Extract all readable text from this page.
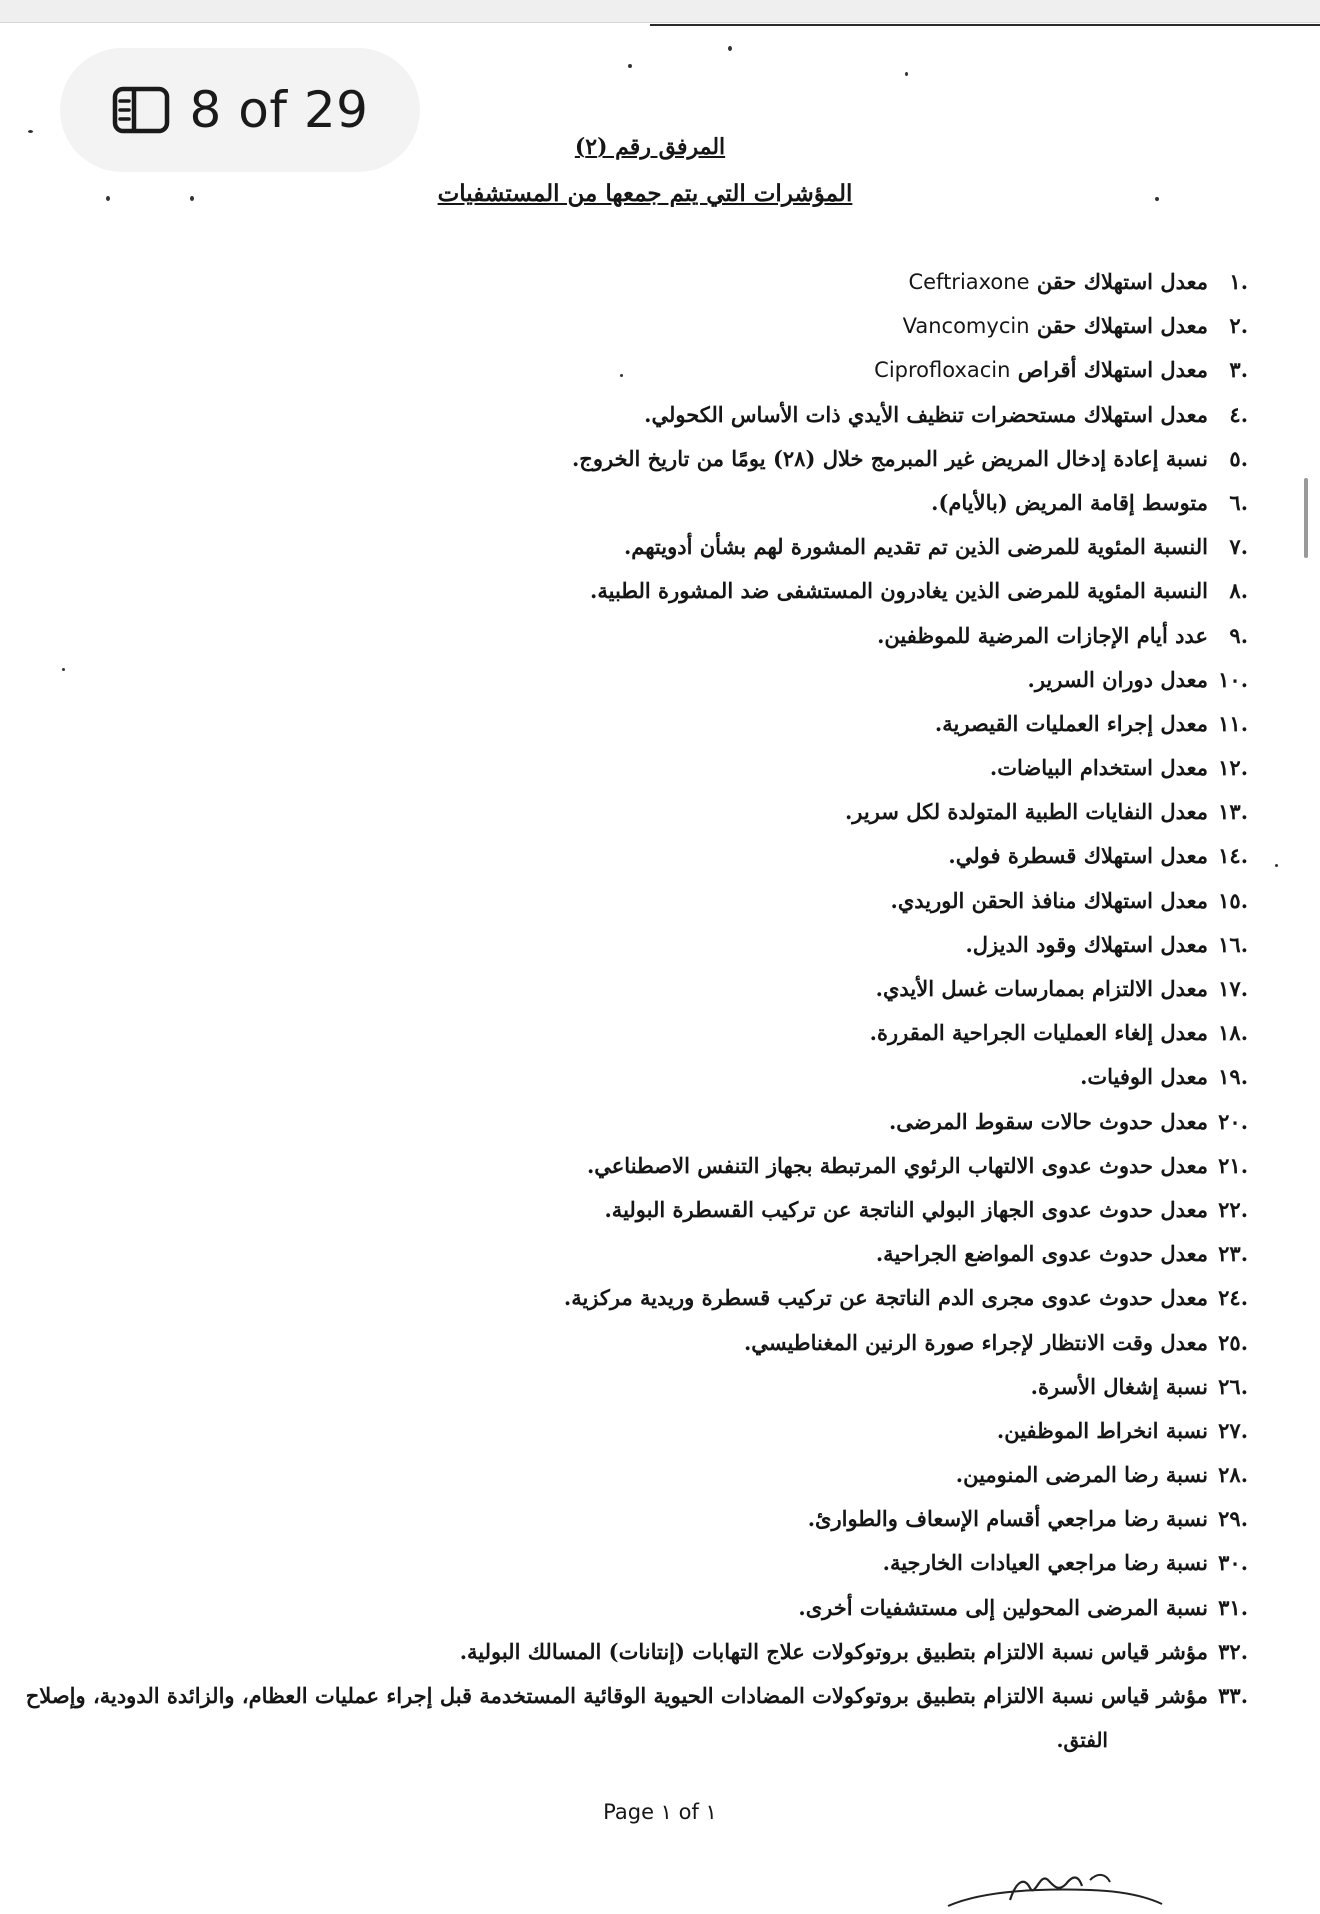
8 of 29
المرفق رقم (٢)
المؤشرات التي يتم جمعها من المستشفيات
.١معدل استهلاك حقن Ceftriaxone
.٢معدل استهلاك حقن Vancomycin
.٣معدل استهلاك أقراص Ciprofloxacin
.٤معدل استهلاك مستحضرات تنظيف الأيدي ذات الأساس الكحولي.
.٥نسبة إعادة إدخال المريض غير المبرمج خلال (٢٨) يومًا من تاريخ الخروج.
.٦متوسط إقامة المريض (بالأيام).
.٧النسبة المئوية للمرضى الذين تم تقديم المشورة لهم بشأن أدويتهم.
.٨النسبة المئوية للمرضى الذين يغادرون المستشفى ضد المشورة الطبية.
.٩عدد أيام الإجازات المرضية للموظفين.
.١٠معدل دوران السرير.
.١١معدل إجراء العمليات القيصرية.
.١٢معدل استخدام البياضات.
.١٣معدل النفايات الطبية المتولدة لكل سرير.
.١٤معدل استهلاك قسطرة فولي.
.١٥معدل استهلاك منافذ الحقن الوريدي.
.١٦معدل استهلاك وقود الديزل.
.١٧معدل الالتزام بممارسات غسل الأيدي.
.١٨معدل إلغاء العمليات الجراحية المقررة.
.١٩معدل الوفيات.
.٢٠معدل حدوث حالات سقوط المرضى.
.٢١معدل حدوث عدوى الالتهاب الرئوي المرتبطة بجهاز التنفس الاصطناعي.
.٢٢معدل حدوث عدوى الجهاز البولي الناتجة عن تركيب القسطرة البولية.
.٢٣معدل حدوث عدوى المواضع الجراحية.
.٢٤معدل حدوث عدوى مجرى الدم الناتجة عن تركيب قسطرة وريدية مركزية.
.٢٥معدل وقت الانتظار لإجراء صورة الرنين المغناطيسي.
.٢٦نسبة إشغال الأسرة.
.٢٧نسبة انخراط الموظفين.
.٢٨نسبة رضا المرضى المنومين.
.٢٩نسبة رضا مراجعي أقسام الإسعاف والطوارئ.
.٣٠نسبة رضا مراجعي العيادات الخارجية.
.٣١نسبة المرضى المحولين إلى مستشفيات أخرى.
.٣٢مؤشر قياس نسبة الالتزام بتطبيق بروتوكولات علاج التهابات (إنتانات) المسالك البولية.
.٣٣مؤشر قياس نسبة الالتزام بتطبيق بروتوكولات المضادات الحيوية الوقائية المستخدمة قبل إجراء عمليات العظام، والزائدة الدودية، وإصلاح
الفتق.
Page ١ of ١
